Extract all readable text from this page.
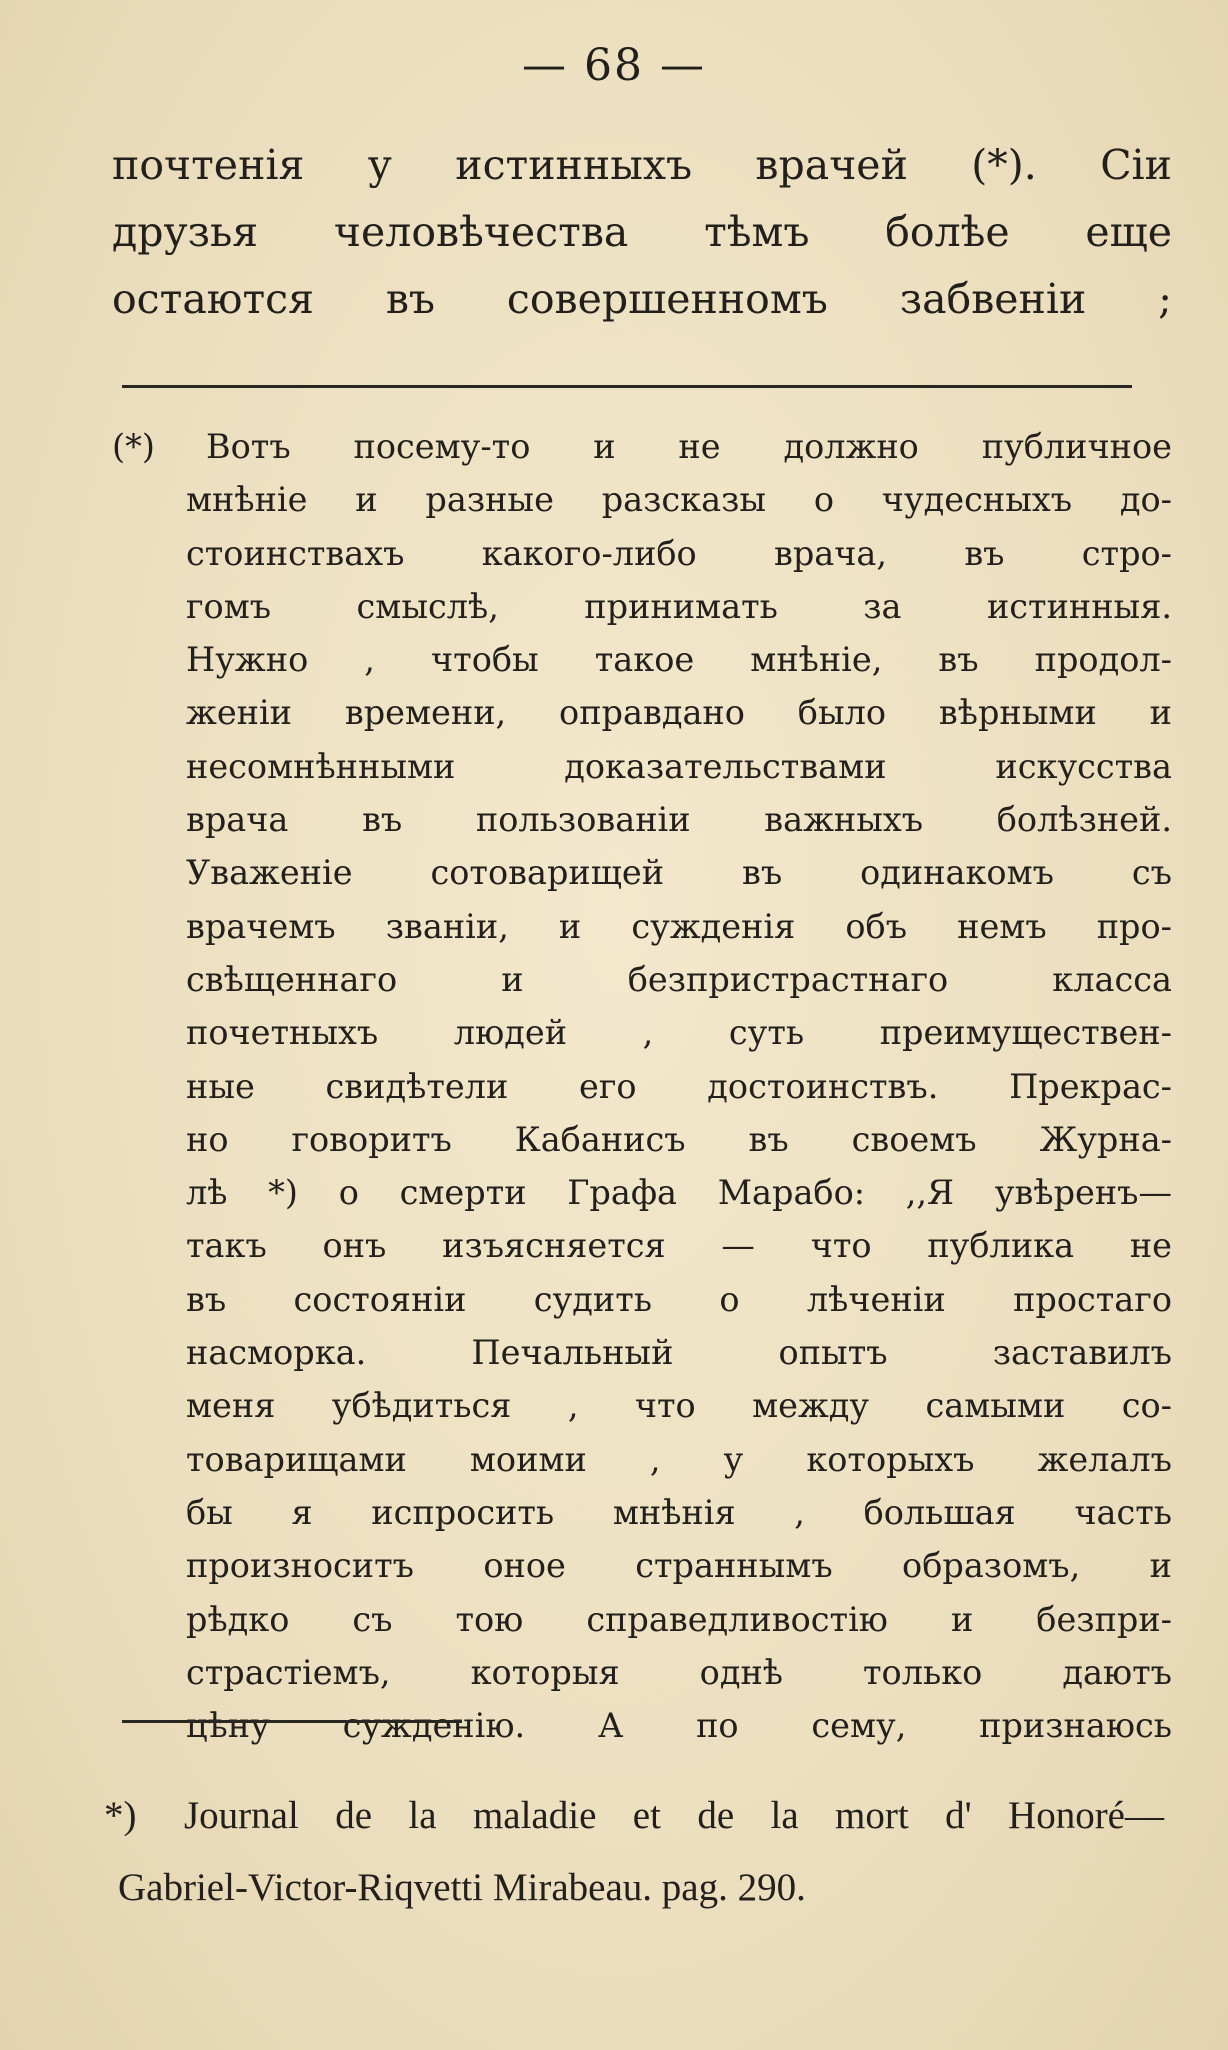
— 68 —
почтенія у истинныхъ врачей (*). Сіи
друзья человѣчества тѣмъ болѣе еще
остаются въ совершенномъ забвеніи ;
(*) Вотъ посему-то и не должно публичное
мнѣніе и разные разсказы о чудесныхъ до-
стоинствахъ какого-либо врача, въ стро-
гомъ смыслѣ, принимать за истинныя.
Нужно , чтобы такое мнѣніе, въ продол-
женіи времени, оправдано было вѣрными и
несомнѣнными доказательствами искусства
врача въ пользованіи важныхъ болѣзней.
Уваженіе сотоварищей въ одинакомъ съ
врачемъ званіи, и сужденія объ немъ про-
свѣщеннаго и безпристрастнаго класса
почетныхъ людей , суть преимуществен-
ные свидѣтели его достоинствъ. Прекрас-
но говоритъ Кабанисъ въ своемъ Журна-
лѣ *) о смерти Графа Марабо: ,,Я увѣренъ—
такъ онъ изъясняется — что публика не
въ состояніи судить о лѣченіи простаго
насморка. Печальный опытъ заставилъ
меня убѣдиться , что между самыми со-
товарищами моими , у которыхъ желалъ
бы я испросить мнѣнія , большая часть
произноситъ оное страннымъ образомъ, и
рѣдко съ тою справедливостію и безпри-
страстіемъ, которыя однѣ только даютъ
цѣну сужденію. А по сему, признаюсь
*) Journal de la maladie et de la mort d' Honoré—
Gabriel-Victor-Riqvetti Mirabeau. pag. 290.
